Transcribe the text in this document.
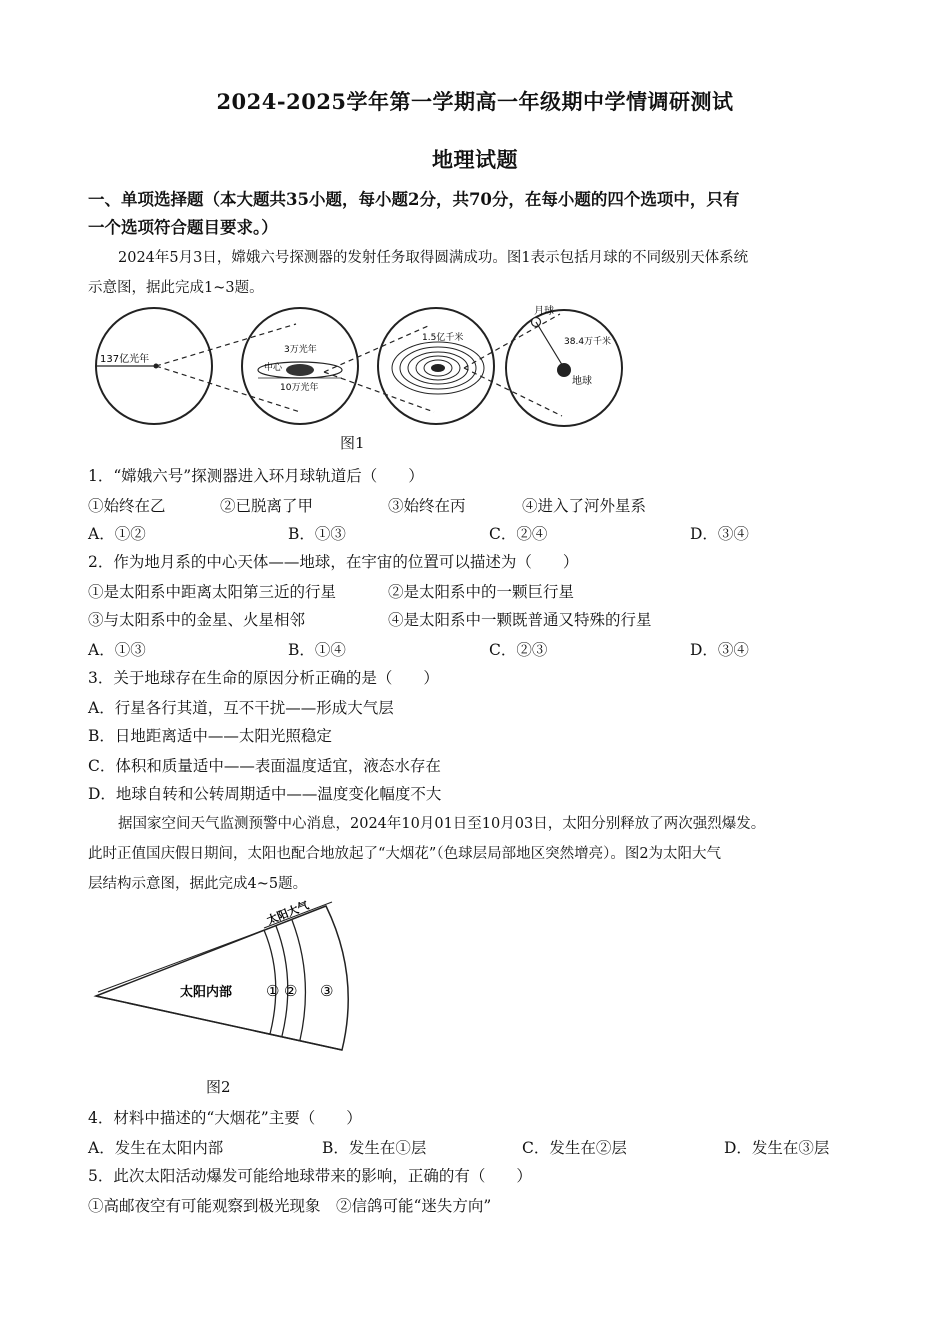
2024-2025学年第一学期高一年级期中学情调研测试
地理试题
一、单项选择题（本大题共35小题，每小题2分，共70分，在每小题的四个选项中，只有
一个选项符合题目要求。）
2024年5月3日，嫦娥六号探测器的发射任务取得圆满成功。图1表示包括月球的不同级别天体系统
示意图，据此完成1~3题。
137亿光年
3万光年
中心
10万光年
1.5亿千米
月球
38.4万千米
地球
图1
1．“嫦娥六号”探测器进入环月球轨道后（　　）
①始终在乙	②已脱离了甲	③始终在丙	④进入了河外星系
A．①②	B．①③	C．②④	D．③④
2．作为地月系的中心天体——地球，在宇宙的位置可以描述为（　　）
①是太阳系中距离太阳第三近的行星	②是太阳系中的一颗巨行星
③与太阳系中的金星、火星相邻	④是太阳系中一颗既普通又特殊的行星
A．①③	B．①④	C．②③	D．③④
3．关于地球存在生命的原因分析正确的是（　　）
A．行星各行其道，互不干扰——形成大气层
B．日地距离适中——太阳光照稳定
C．体积和质量适中——表面温度适宜，液态水存在
D．地球自转和公转周期适中——温度变化幅度不大
据国家空间天气监测预警中心消息，2024年10月01日至10月03日，太阳分别释放了两次强烈爆发。
此时正值国庆假日期间，太阳也配合地放起了“大烟花”（色球层局部地区突然增亮）。图2为太阳大气
层结构示意图，据此完成4~5题。
太阳大气
太阳内部 ① ② ③
图2
4．材料中描述的“大烟花”主要（　　）
A．发生在太阳内部	B．发生在①层	C．发生在②层	D．发生在③层
5．此次太阳活动爆发可能给地球带来的影响，正确的有（　　）
①高邮夜空有可能观察到极光现象　②信鸽可能“迷失方向”
